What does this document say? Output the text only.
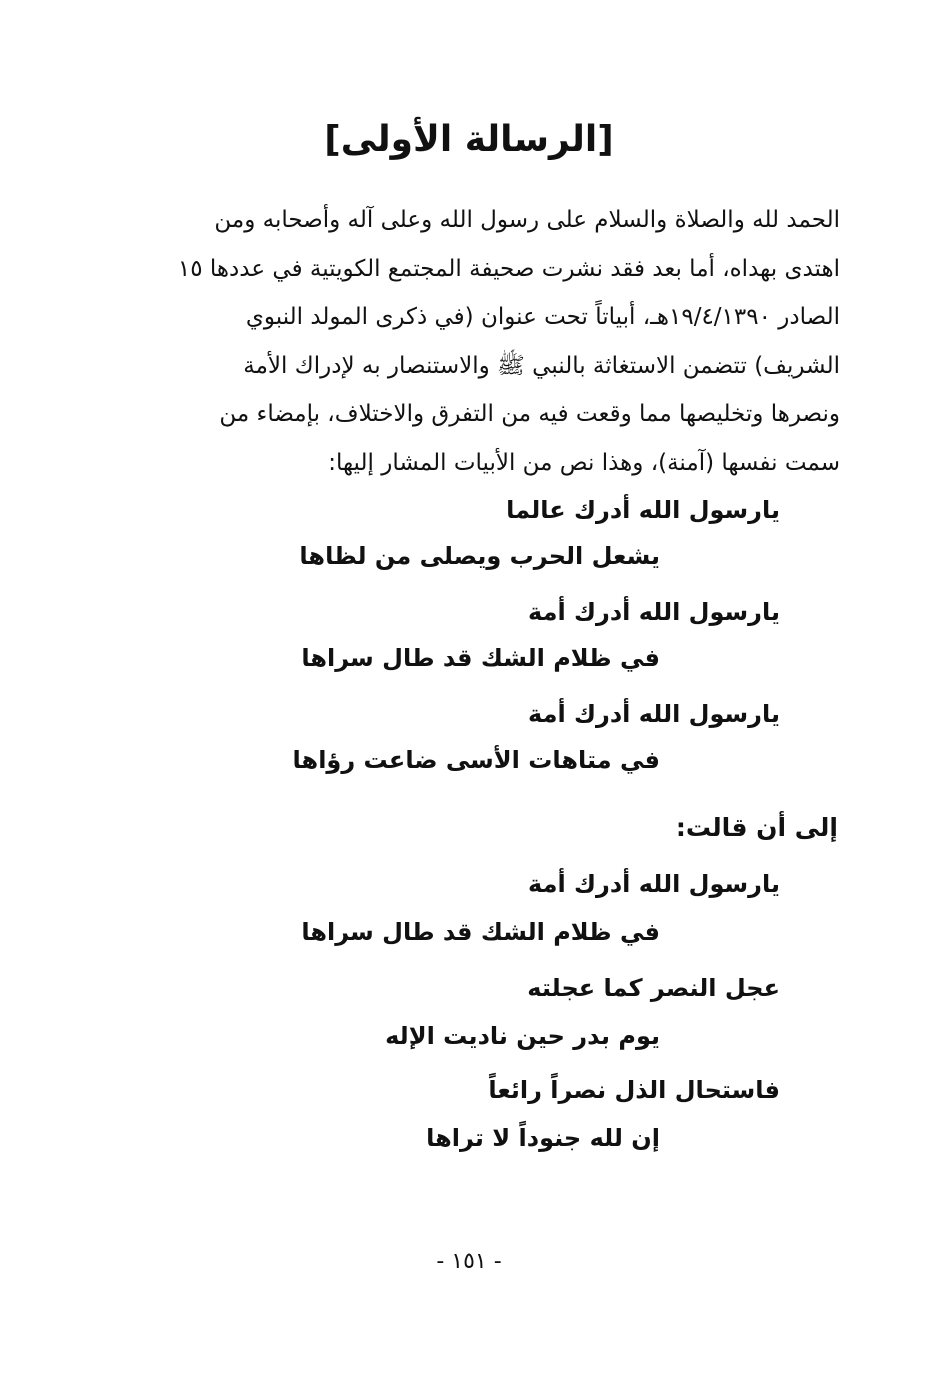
[الرسالة الأولى]
الحمد لله والصلاة والسلام على رسول الله وعلى آله وأصحابه ومن
اهتدى بهداه، أما بعد فقد نشرت صحيفة المجتمع الكويتية في عددها ١٥
الصادر ١٩/٤/١٣٩٠هـ، أبياتاً تحت عنوان (في ذكرى المولد النبوي
الشريف) تتضمن الاستغاثة بالنبي ﷺ والاستنصار به لإدراك الأمة
ونصرها وتخليصها مما وقعت فيه من التفرق والاختلاف، بإمضاء من
سمت نفسها (آمنة)، وهذا نص من الأبيات المشار إليها:
يارسول الله أدرك عالما
يشعل الحرب ويصلى من لظاها
يارسول الله أدرك أمة
في ظلام الشك قد طال سراها
يارسول الله أدرك أمة
في متاهات الأسى ضاعت رؤاها
إلى أن قالت:
يارسول الله أدرك أمة
في ظلام الشك قد طال سراها
عجل النصر كما عجلته
يوم بدر حين ناديت الإله
فاستحال الذل نصراً رائعاً
إن لله جنوداً لا تراها
- ١٥١ -
